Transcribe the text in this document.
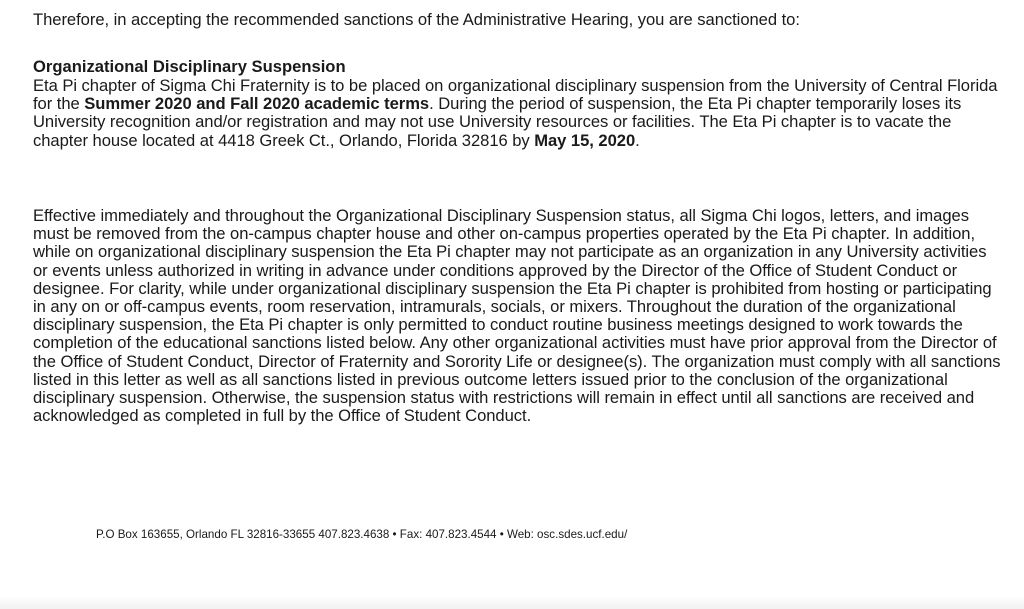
Therefore, in accepting the recommended sanctions of the Administrative Hearing, you are sanctioned to:

Organizational Disciplinary Suspension

Eta Pi chapter of Sigma Chi Fraternity is to be placed on organizational disciplinary suspension from the University of Central Florida for the Summer 2020 and Fall 2020 academic terms. During the period of suspension, the Eta Pi chapter temporarily loses its University recognition and/or registration and may not use University resources or facilities. The Eta Pi chapter is to vacate the chapter house located at 4418 Greek Ct., Orlando, Florida 32816 by May 15, 2020.

Effective immediately and throughout the Organizational Disciplinary Suspension status, all Sigma Chi logos, letters, and images must be removed from the on-campus chapter house and other on-campus properties operated by the Eta Pi chapter. In addition, while on organizational disciplinary suspension the Eta Pi chapter may not participate as an organization in any University activities or events unless authorized in writing in advance under conditions approved by the Director of the Office of Student Conduct or designee. For clarity, while under organizational disciplinary suspension the Eta Pi chapter is prohibited from hosting or participating in any on or off-campus events, room reservation, intramurals, socials, or mixers. Throughout the duration of the organizational disciplinary suspension, the Eta Pi chapter is only permitted to conduct routine business meetings designed to work towards the completion of the educational sanctions listed below. Any other organizational activities must have prior approval from the Director of the Office of Student Conduct, Director of Fraternity and Sorority Life or designee(s). The organization must comply with all sanctions listed in this letter as well as all sanctions listed in previous outcome letters issued prior to the conclusion of the organizational disciplinary suspension. Otherwise, the suspension status with restrictions will remain in effect until all sanctions are received and acknowledged as completed in full by the Office of Student Conduct.

P.O Box 163655, Orlando FL 32816-33655 407.823.4638 • Fax: 407.823.4544 • Web: osc.sdes.ucf.edu/
